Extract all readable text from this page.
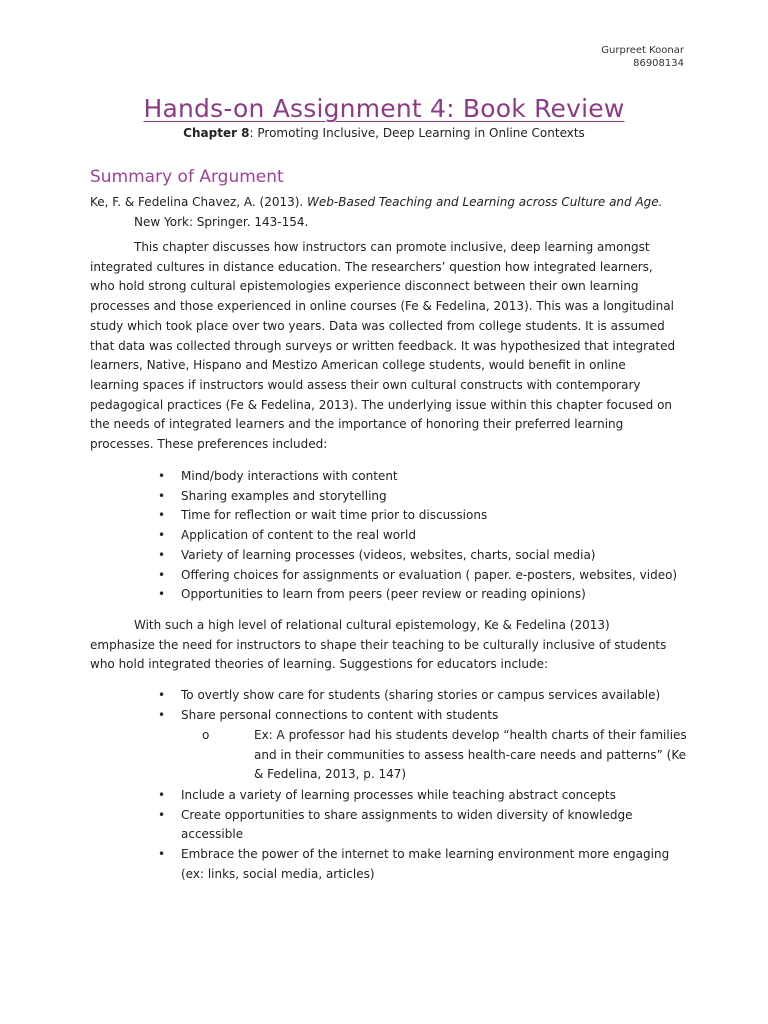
Gurpreet Koonar
86908134
Hands-on Assignment 4: Book Review
Chapter 8: Promoting Inclusive, Deep Learning in Online Contexts
Summary of Argument
Ke, F. & Fedelina Chavez, A. (2013). Web-Based Teaching and Learning across Culture and Age.
New York: Springer. 143-154.

This chapter discusses how instructors can promote inclusive, deep learning amongst integrated cultures in distance education. The researchers’ question how integrated learners, who hold strong cultural epistemologies experience disconnect between their own learning processes and those experienced in online courses (Fe & Fedelina, 2013). This was a longitudinal study which took place over two years. Data was collected from college students. It is assumed that data was collected through surveys or written feedback. It was hypothesized that integrated learners, Native, Hispano and Mestizo American college students, would benefit in online learning spaces if instructors would assess their own cultural constructs with contemporary pedagogical practices (Fe & Fedelina, 2013). The underlying issue within this chapter focused on the needs of integrated learners and the importance of honoring their preferred learning processes. These preferences included:

• Mind/body interactions with content
• Sharing examples and storytelling
• Time for reflection or wait time prior to discussions
• Application of content to the real world
• Variety of learning processes (videos, websites, charts, social media)
• Offering choices for assignments or evaluation ( paper. e-posters, websites, video)
• Opportunities to learn from peers (peer review or reading opinions)

With such a high level of relational cultural epistemology, Ke & Fedelina (2013) emphasize the need for instructors to shape their teaching to be culturally inclusive of students who hold integrated theories of learning. Suggestions for educators include:

• To overtly show care for students (sharing stories or campus services available)
• Share personal connections to content with students
o	Ex: A professor had his students develop “health charts of their families and in their communities to assess health-care needs and patterns” (Ke & Fedelina, 2013, p. 147)
• Include a variety of learning processes while teaching abstract concepts
• Create opportunities to share assignments to widen diversity of knowledge accessible
• Embrace the power of the internet to make learning environment more engaging (ex: links, social media, articles)
